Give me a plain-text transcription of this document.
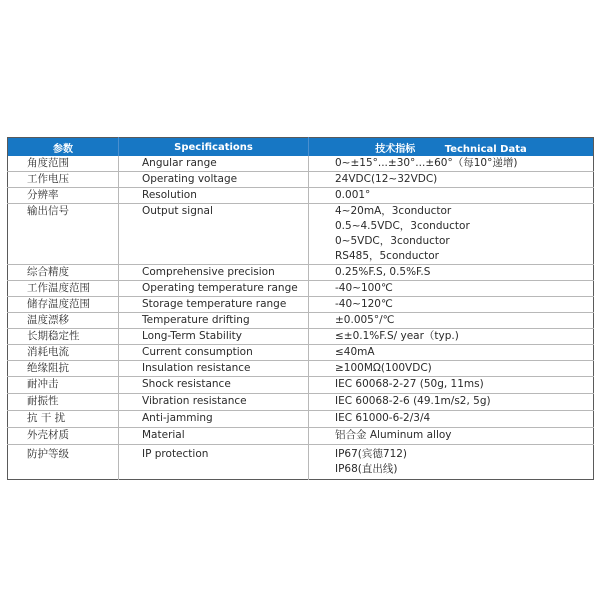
参数	Specifications	技术指标 Technical Data
角度范围	Angular range	0~±15°...±30°...±60°（每10°递增)
工作电压	Operating voltage	24VDC(12~32VDC)
分辨率	Resolution	0.001°
输出信号	Output signal	4~20mA，3conductor
0.5~4.5VDC，3conductor
0~5VDC，3conductor
RS485，5conductor

综合精度	Comprehensive precision	0.25%F.S, 0.5%F.S
工作温度范围	Operating temperature range	-40~100℃
储存温度范围	Storage temperature range	-40~120℃
温度漂移	Temperature drifting	±0.005°/℃
长期稳定性	Long-Term Stability	≤±0.1%F.S/ year（typ.)
消耗电流	Current consumption	≤40mA
绝缘阻抗	Insulation resistance	≥100MΩ(100VDC)
耐冲击	Shock resistance	IEC 60068-2-27 (50g, 11ms)
耐振性	Vibration resistance	IEC 60068-2-6 (49.1m/s2, 5g)
抗 干 扰	Anti-jamming	IEC 61000-6-2/3/4
外壳材质	Material	铝合金 Aluminum alloy
防护等级	IP protection	IP67(宾德712)
IP68(直出线)
